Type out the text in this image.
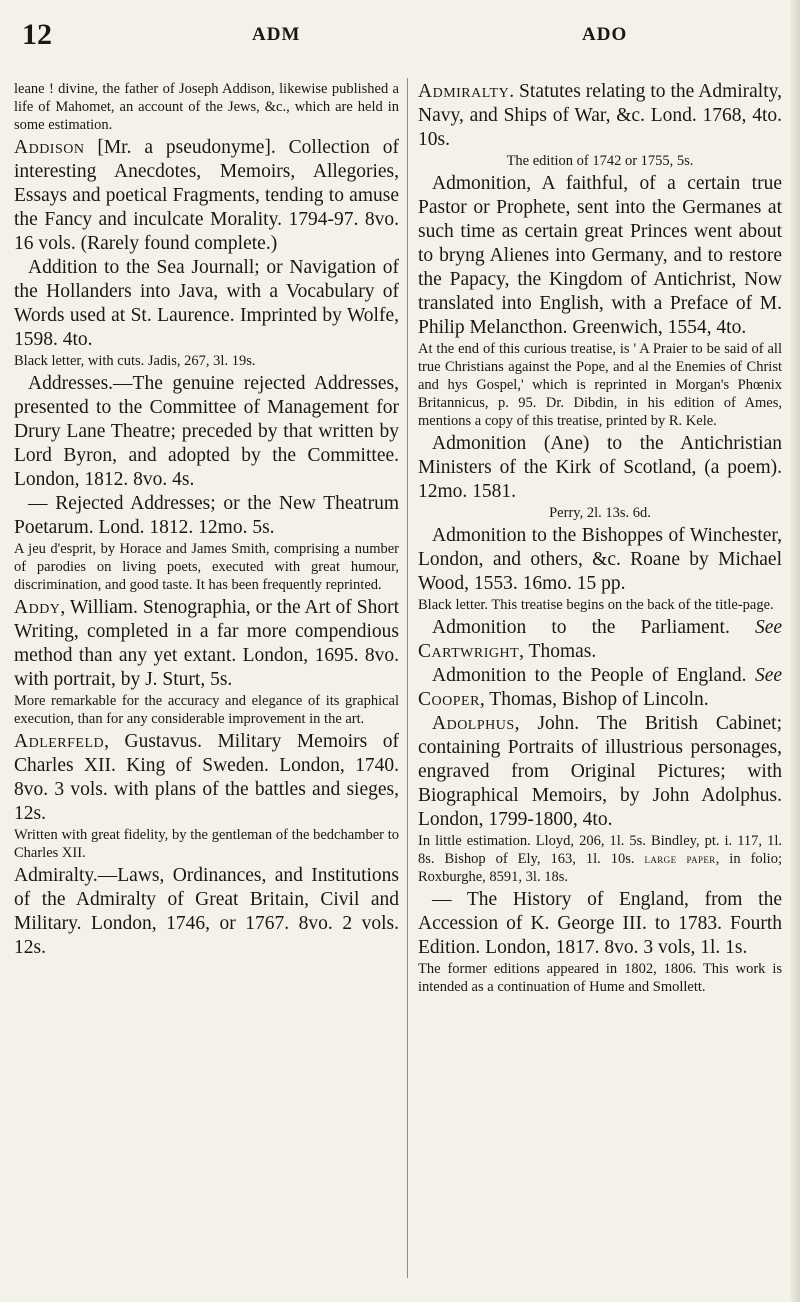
12	ADM	ADO

leane ! divine, the father of Joseph Addison, likewise published a life of Mahomet, an account of the Jews, &c., which are held in some estimation.

Addison [Mr. a pseudonyme]. Collection of interesting Anecdotes, Memoirs, Allegories, Essays and poetical Fragments, tending to amuse the Fancy and inculcate Morality. 1794-97. 8vo. 16 vols. (Rarely found complete.)

Addition to the Sea Journall; or Navigation of the Hollanders into Java, with a Vocabulary of Words used at St. Laurence. Imprinted by Wolfe, 1598. 4to.

Black letter, with cuts. Jadis, 267, 3l. 19s.

Addresses.—The genuine rejected Addresses, presented to the Committee of Management for Drury Lane Theatre; preceded by that written by Lord Byron, and adopted by the Committee. London, 1812. 8vo. 4s.

— Rejected Addresses; or the New Theatrum Poetarum. Lond. 1812. 12mo. 5s.

A jeu d'esprit, by Horace and James Smith, comprising a number of parodies on living poets, executed with great humour, discrimination, and good taste. It has been frequently reprinted.

Addy, William. Stenographia, or the Art of Short Writing, completed in a far more compendious method than any yet extant. London, 1695. 8vo. with portrait, by J. Sturt, 5s.

More remarkable for the accuracy and elegance of its graphical execution, than for any considerable improvement in the art.

Adlerfeld, Gustavus. Military Memoirs of Charles XII. King of Sweden. London, 1740. 8vo. 3 vols. with plans of the battles and sieges, 12s.

Written with great fidelity, by the gentleman of the bedchamber to Charles XII.

Admiralty.—Laws, Ordinances, and Institutions of the Admiralty of Great Britain, Civil and Military. London, 1746, or 1767. 8vo. 2 vols. 12s.

Admiralty. Statutes relating to the Admiralty, Navy, and Ships of War, &c. Lond. 1768, 4to. 10s.

The edition of 1742 or 1755, 5s.

Admonition, A faithful, of a certain true Pastor or Prophete, sent into the Germanes at such time as certain great Princes went about to bryng Alienes into Germany, and to restore the Papacy, the Kingdom of Antichrist, Now translated into English, with a Preface of M. Philip Melancthon. Greenwich, 1554, 4to.

At the end of this curious treatise, is ' A Praier to be said of all true Christians against the Pope, and al the Enemies of Christ and hys Gospel,' which is reprinted in Morgan's Phœnix Britannicus, p. 95. Dr. Dibdin, in his edition of Ames, mentions a copy of this treatise, printed by R. Kele.

Admonition (Ane) to the Antichristian Ministers of the Kirk of Scotland, (a poem). 12mo. 1581.

Perry, 2l. 13s. 6d.

Admonition to the Bishoppes of Winchester, London, and others, &c. Roane by Michael Wood, 1553. 16mo. 15 pp.

Black letter. This treatise begins on the back of the title-page.

Admonition to the Parliament. See Cartwright, Thomas.

Admonition to the People of England. See Cooper, Thomas, Bishop of Lincoln.

Adolphus, John. The British Cabinet; containing Portraits of illustrious personages, engraved from Original Pictures; with Biographical Memoirs, by John Adolphus. London, 1799-1800, 4to.

In little estimation. Lloyd, 206, 1l. 5s. Bindley, pt. i. 117, 1l. 8s. Bishop of Ely, 163, 1l. 10s. large paper, in folio; Roxburghe, 8591, 3l. 18s.

— The History of England, from the Accession of K. George III. to 1783. Fourth Edition. London, 1817. 8vo. 3 vols, 1l. 1s.

The former editions appeared in 1802, 1806. This work is intended as a continuation of Hume and Smollett.
